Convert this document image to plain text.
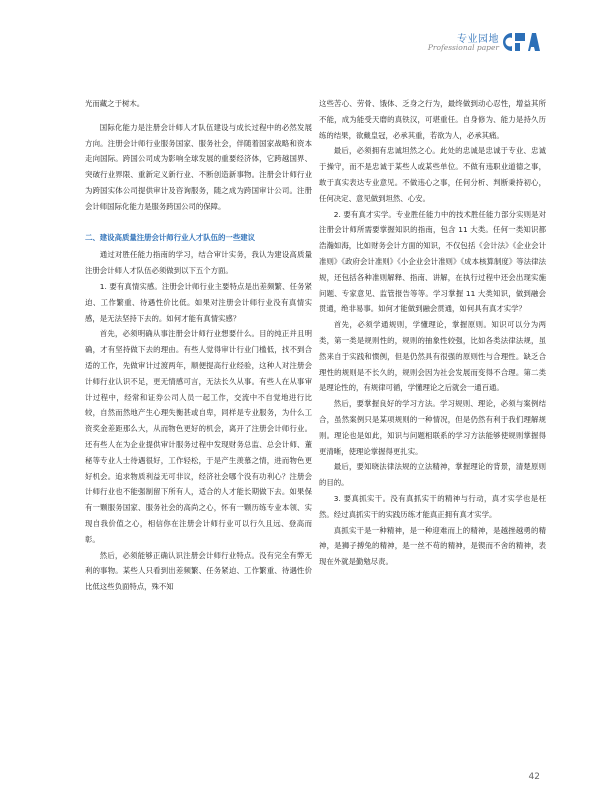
专业园地
Professional paper

光而藏之于树木。

国际化能力是注册会计师人才队伍建设与成长过程中的必然发展方向。注册会计师行业服务国家、服务社会，伴随着国家战略和资本走向国际。跨国公司成为影响全球发展的重要经济体，它跨越国界、突破行业界限、重新定义新行业、不断创造新事物。注册会计师行业为跨国实体公司提供审计及咨询服务，随之成为跨国审计公司。注册会计师国际化能力是服务跨国公司的保障。

二、建设高质量注册会计师行业人才队伍的一些建议

通过对胜任能力指南的学习，结合审计实务，我认为建设高质量注册会计师人才队伍必须做到以下五个方面。

1. 要有真情实感。注册会计师行业主要特点是出差频繁、任务紧迫、工作繁重、待遇性价比低。如果对注册会计师行业没有真情实感，是无法坚持下去的。如何才能有真情实感？

首先，必须明确从事注册会计师行业想要什么。目的纯正并且明确，才有坚持做下去的理由。有些人觉得审计行业门槛低，找不到合适的工作，先做审计过渡两年，顺便提高行业经验，这种人对注册会计师行业认识不足，更无情感可言，无法长久从事。有些人在从事审计过程中，经常和证券公司人员一起工作，交流中不自觉地进行比较，自然而然地产生心理失衡甚或自卑，同样是专业服务，为什么工资奖金差距那么大，从而物色更好的机会，离开了注册会计师行业。还有些人在为企业提供审计服务过程中发现财务总监、总会计师、董秘等专业人士待遇很好，工作轻松，于是产生羡慕之情，进而物色更好机会。追求物质利益无可非议，经济社会哪个没有功利心？注册会计师行业也不能强制留下所有人，适合的人才能长期做下去。如果保有一颗服务国家、服务社会的高尚之心，怀有一颗历练专业本领、实现自我价值之心，相信你在注册会计师行业可以行久且远、登高而彰。

然后，必须能够正确认识注册会计师行业特点。没有完全有弊无利的事物。某些人只看到出差频繁、任务紧迫、工作繁重、待遇性价比低这些负面特点，殊不知

这些苦心、劳骨、饿体、乏身之行为，最终做到动心忍性，增益其所不能，成为能受天磨的真铁汉，可堪重任。自身修为、能力是持久历练的结果，欲戴皇冠，必承其重，若欲为人，必承其痛。

最后，必须拥有忠诚坦然之心。此处的忠诚是忠诚于专业、忠诚于操守，而不是忠诚于某些人或某些单位。不做有违职业道德之事，敢于真实表达专业意见。不做违心之事，任何分析、判断秉持初心，任何决定、意见做到坦然、心安。

2. 要有真才实学。专业胜任能力中的技术胜任能力部分实则是对注册会计师所需要掌握知识的指南，包含 11 大类。任何一类知识都浩瀚如海，比如财务会计方面的知识，不仅包括《会计法》《企业会计准则》《政府会计准则》《小企业会计准则》《成本核算制度》等法律法规，还包括各种准则解释、指南、讲解，在执行过程中还会出现实施问题、专家意见、监管报告等等。学习掌握 11 大类知识，做到融会贯通，绝非易事。如何才能做到融会贯通，如何具有真才实学？

首先，必须学通规则，学懂理论，掌握原则。知识可以分为两类，第一类是规则性的，规则的抽象性较强，比如各类法律法规，虽然来自于实践和惯例，但是仍然具有很强的原则性与合理性。缺乏合理性的规则是不长久的，规则会因为社会发展而变得不合理。第二类是理论性的，有规律可循，学懂理论之后就会一通百通。

然后，要掌握良好的学习方法。学习规则、理论，必须与案例结合，虽然案例只是某项规则的一种情况，但是仍然有利于我们理解规则。理论也是如此，知识与问题相联系的学习方法能够使规则掌握得更清晰，使理论掌握得更扎实。

最后，要知晓法律法规的立法精神，掌握理论的背景，清楚原则的目的。

3. 要真抓实干。没有真抓实干的精神与行动，真才实学也是枉然。经过真抓实干的实践历练才能真正拥有真才实学。

真抓实干是一种精神，是一种迎难而上的精神，是越挫越勇的精神，是狮子搏兔的精神，是一丝不苟的精神，是锲而不舍的精神，表现在外就是勤勉尽责。

42
